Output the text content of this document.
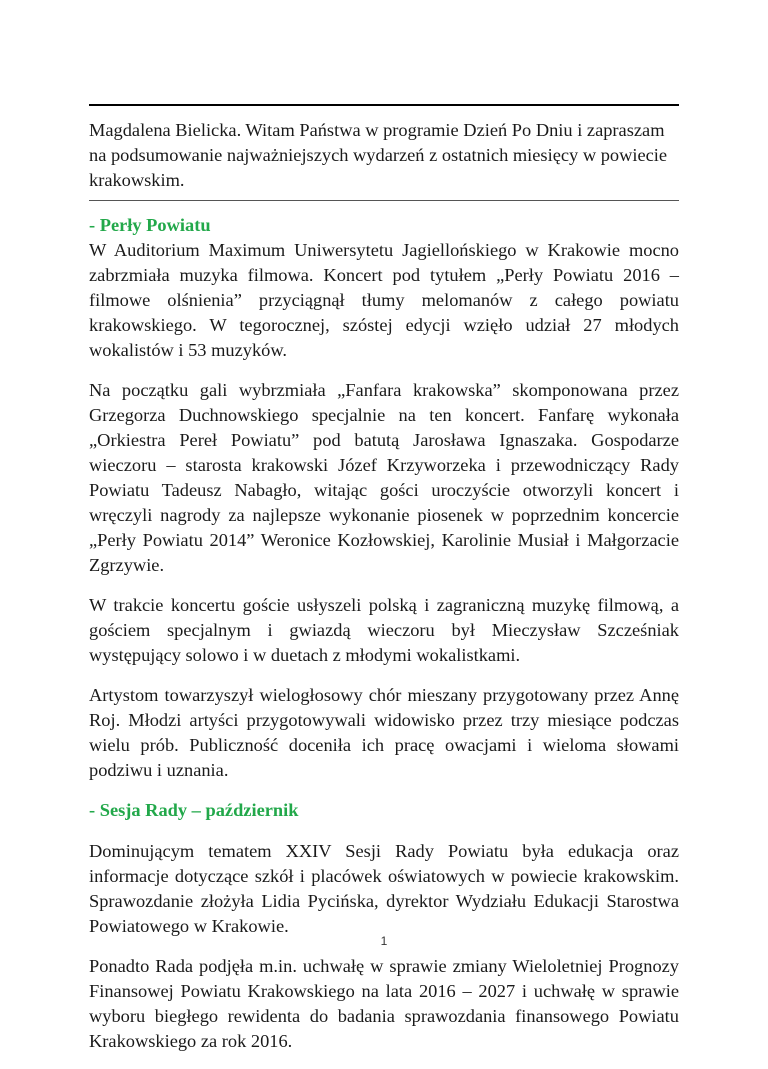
Magdalena Bielicka. Witam Państwa w programie Dzień Po Dniu i zapraszam na podsumowanie najważniejszych wydarzeń z ostatnich miesięcy w powiecie krakowskim.

- Perły Powiatu

W Auditorium Maximum Uniwersytetu Jagiellońskiego w Krakowie mocno zabrzmiała muzyka filmowa. Koncert pod tytułem „Perły Powiatu 2016 – filmowe olśnienia” przyciągnął tłumy melomanów z całego powiatu krakowskiego. W tegorocznej, szóstej edycji wzięło udział 27 młodych wokalistów i 53 muzyków.

Na początku gali wybrzmiała „Fanfara krakowska” skomponowana przez Grzegorza Duchnowskiego specjalnie na ten koncert. Fanfarę wykonała „Orkiestra Pereł Powiatu” pod batutą Jarosława Ignaszaka. Gospodarze wieczoru – starosta krakowski Józef Krzyworzeka i przewodniczący Rady Powiatu Tadeusz Nabagło, witając gości uroczyście otworzyli koncert i wręczyli nagrody za najlepsze wykonanie piosenek w poprzednim koncercie „Perły Powiatu 2014” Weronice Kozłowskiej, Karolinie Musiał i Małgorzacie Zgrzywie.

W trakcie koncertu goście usłyszeli polską i zagraniczną muzykę filmową, a gościem specjalnym i gwiazdą wieczoru był Mieczysław Szcześniak występujący solowo i w duetach z młodymi wokalistkami.

Artystom towarzyszył wielogłosowy chór mieszany przygotowany przez Annę Roj. Młodzi artyści przygotowywali widowisko przez trzy miesiące podczas wielu prób. Publiczność doceniła ich pracę owacjami i wieloma słowami podziwu i uznania.

- Sesja Rady – październik

Dominującym tematem XXIV Sesji Rady Powiatu była edukacja oraz informacje dotyczące szkół i placówek oświatowych w powiecie krakowskim. Sprawozdanie złożyła Lidia Pycińska, dyrektor Wydziału Edukacji Starostwa Powiatowego w Krakowie.

Ponadto Rada podjęła m.in. uchwałę w sprawie zmiany Wieloletniej Prognozy Finansowej Powiatu Krakowskiego na lata 2016 – 2027 i uchwałę w sprawie wyboru biegłego rewidenta do badania sprawozdania finansowego Powiatu Krakowskiego za rok 2016.

1
